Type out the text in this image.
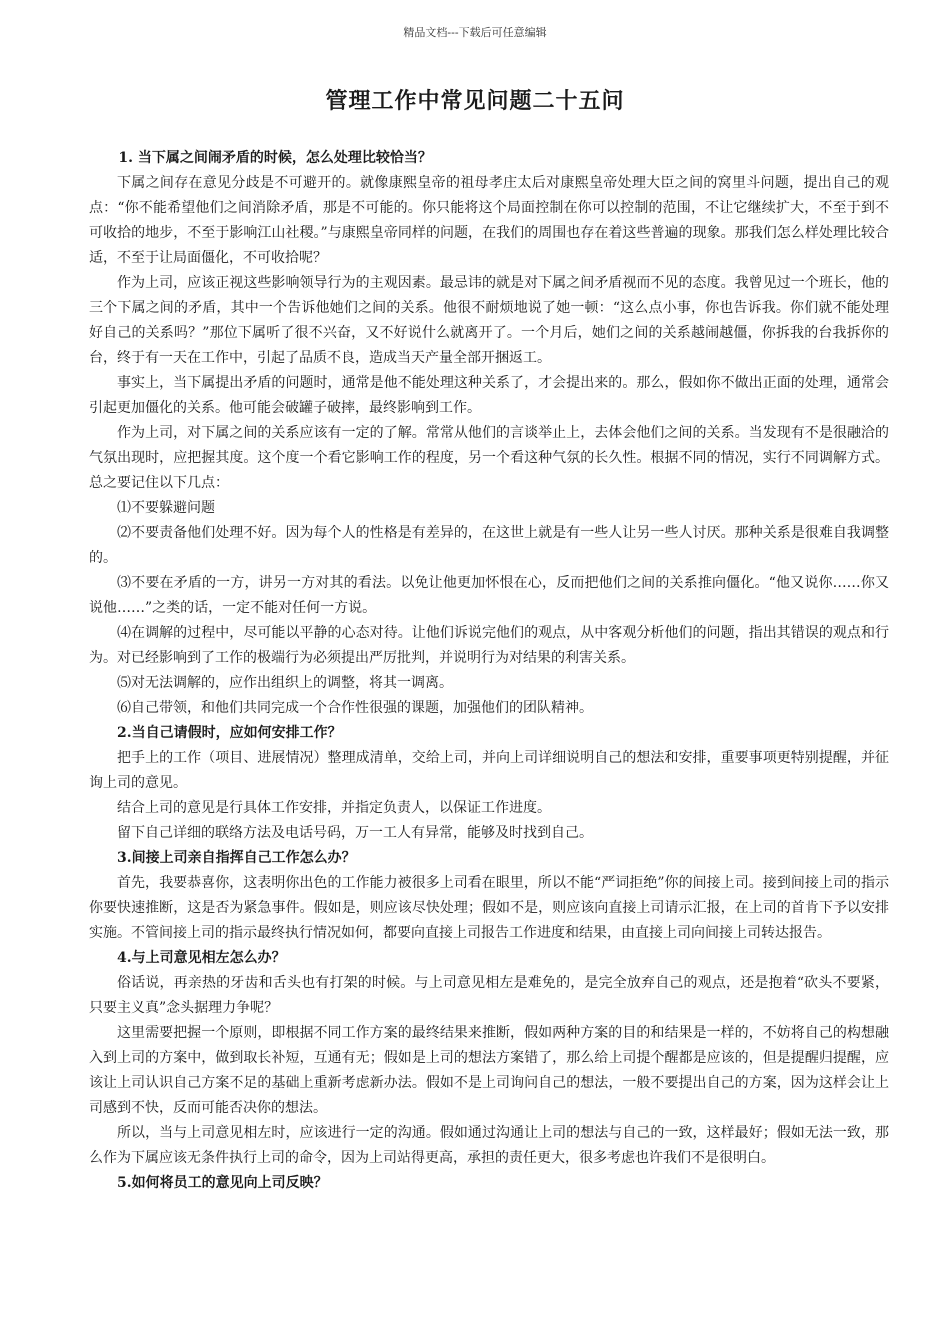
精品文档---下载后可任意编辑
管理工作中常见问题二十五问

1. 当下属之间闹矛盾的时候，怎么处理比较恰当？

下属之间存在意见分歧是不可避开的。就像康熙皇帝的祖母孝庄太后对康熙皇帝处理大臣之间的窝里斗问题，提出自己的观点：“你不能希望他们之间消除矛盾，那是不可能的。你只能将这个局面控制在你可以控制的范围，不让它继续扩大，不至于到不可收拾的地步，不至于影响江山社稷。”与康熙皇帝同样的问题，在我们的周围也存在着这些普遍的现象。那我们怎么样处理比较合适，不至于让局面僵化，不可收拾呢？

作为上司，应该正视这些影响领导行为的主观因素。最忌讳的就是对下属之间矛盾视而不见的态度。我曾见过一个班长，他的三个下属之间的矛盾，其中一个告诉他她们之间的关系。他很不耐烦地说了她一顿：“这么点小事，你也告诉我。你们就不能处理好自己的关系吗？”那位下属听了很不兴奋，又不好说什么就离开了。一个月后，她们之间的关系越闹越僵，你拆我的台我拆你的台，终于有一天在工作中，引起了品质不良，造成当天产量全部开捆返工。

事实上，当下属提出矛盾的问题时，通常是他不能处理这种关系了，才会提出来的。那么，假如你不做出正面的处理，通常会引起更加僵化的关系。他可能会破罐子破摔，最终影响到工作。

作为上司，对下属之间的关系应该有一定的了解。常常从他们的言谈举止上，去体会他们之间的关系。当发现有不是很融洽的气氛出现时，应把握其度。这个度一个看它影响工作的程度，另一个看这种气氛的长久性。根据不同的情况，实行不同调解方式。总之要记住以下几点：

⑴不要躲避问题

⑵不要责备他们处理不好。因为每个人的性格是有差异的，在这世上就是有一些人让另一些人讨厌。那种关系是很难自我调整的。

⑶不要在矛盾的一方，讲另一方对其的看法。以免让他更加怀恨在心，反而把他们之间的关系推向僵化。“他又说你……你又说他……”之类的话，一定不能对任何一方说。

⑷在调解的过程中，尽可能以平静的心态对待。让他们诉说完他们的观点，从中客观分析他们的问题，指出其错误的观点和行为。对已经影响到了工作的极端行为必须提出严厉批判，并说明行为对结果的利害关系。

⑸对无法调解的，应作出组织上的调整，将其一调离。

⑹自己带领，和他们共同完成一个合作性很强的课题，加强他们的团队精神。

2.当自己请假时，应如何安排工作？

把手上的工作（项目、进展情况）整理成清单，交给上司，并向上司详细说明自己的想法和安排，重要事项更特别提醒，并征询上司的意见。

结合上司的意见是行具体工作安排，并指定负责人，以保证工作进度。

留下自己详细的联络方法及电话号码，万一工人有异常，能够及时找到自己。

3.间接上司亲自指挥自己工作怎么办？

首先，我要恭喜你，这表明你出色的工作能力被很多上司看在眼里，所以不能“严词拒绝”你的间接上司。接到间接上司的指示你要快速推断，这是否为紧急事件。假如是，则应该尽快处理；假如不是，则应该向直接上司请示汇报，在上司的首肯下予以安排实施。不管间接上司的指示最终执行情况如何，都要向直接上司报告工作进度和结果，由直接上司向间接上司转达报告。

4.与上司意见相左怎么办？

俗话说，再亲热的牙齿和舌头也有打架的时候。与上司意见相左是难免的，是完全放弃自己的观点，还是抱着“砍头不要紧，只要主义真”念头据理力争呢？

这里需要把握一个原则，即根据不同工作方案的最终结果来推断，假如两种方案的目的和结果是一样的，不妨将自己的构想融入到上司的方案中，做到取长补短，互通有无；假如是上司的想法方案错了，那么给上司提个醒都是应该的，但是提醒归提醒，应该让上司认识自己方案不足的基础上重新考虑新办法。假如不是上司询问自己的想法，一般不要提出自己的方案，因为这样会让上司感到不快，反而可能否决你的想法。

所以，当与上司意见相左时，应该进行一定的沟通。假如通过沟通让上司的想法与自己的一致，这样最好；假如无法一致，那么作为下属应该无条件执行上司的命令，因为上司站得更高，承担的责任更大，很多考虑也许我们不是很明白。

5.如何将员工的意见向上司反映？
